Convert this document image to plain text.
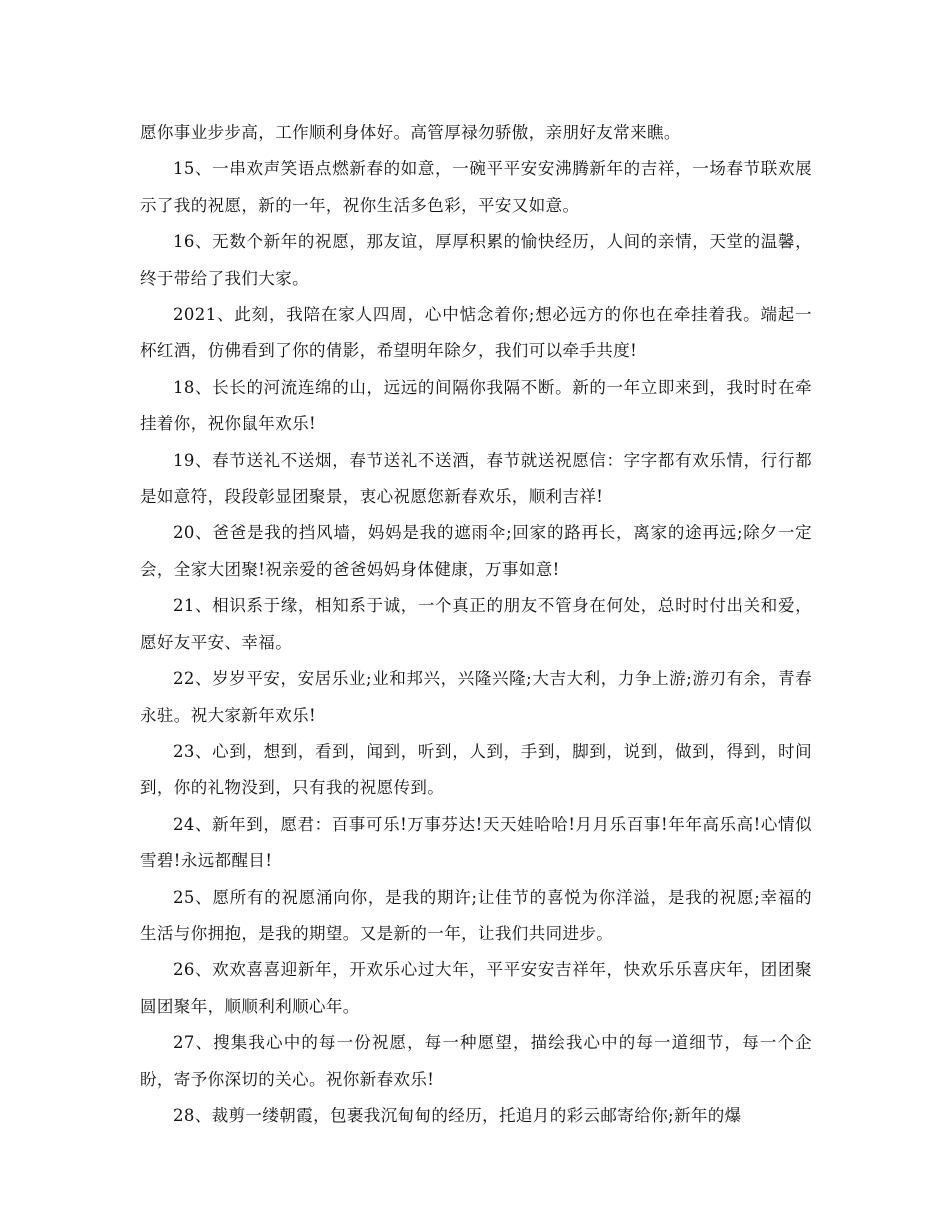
愿你事业步步高，工作顺利身体好。高管厚禄勿骄傲，亲朋好友常来瞧。

15、一串欢声笑语点燃新春的如意，一碗平平安安沸腾新年的吉祥，一场春节联欢展示了我的祝愿，新的一年，祝你生活多色彩，平安又如意。

16、无数个新年的祝愿，那友谊，厚厚积累的愉快经历，人间的亲情，天堂的温馨，终于带给了我们大家。

2021、此刻，我陪在家人四周，心中惦念着你;想必远方的你也在牵挂着我。端起一杯红酒，仿佛看到了你的倩影，希望明年除夕，我们可以牵手共度!

18、长长的河流连绵的山，远远的间隔你我隔不断。新的一年立即来到，我时时在牵挂着你，祝你鼠年欢乐!

19、春节送礼不送烟，春节送礼不送酒，春节就送祝愿信：字字都有欢乐情，行行都是如意符，段段彰显团聚景，衷心祝愿您新春欢乐，顺利吉祥!

20、爸爸是我的挡风墙，妈妈是我的遮雨伞;回家的路再长，离家的途再远;除夕一定会，全家大团聚!祝亲爱的爸爸妈妈身体健康，万事如意!

21、相识系于缘，相知系于诚，一个真正的朋友不管身在何处，总时时付出关和爱，愿好友平安、幸福。

22、岁岁平安，安居乐业;业和邦兴，兴隆兴隆;大吉大利，力争上游;游刃有余，青春永驻。祝大家新年欢乐!

23、心到，想到，看到，闻到，听到，人到，手到，脚到，说到，做到，得到，时间到，你的礼物没到，只有我的祝愿传到。

24、新年到，愿君：百事可乐!万事芬达!天天娃哈哈!月月乐百事!年年高乐高!心情似雪碧!永远都醒目!

25、愿所有的祝愿涌向你，是我的期许;让佳节的喜悦为你洋溢，是我的祝愿;幸福的生活与你拥抱，是我的期望。又是新的一年，让我们共同进步。

26、欢欢喜喜迎新年，开欢乐心过大年，平平安安吉祥年，快欢乐乐喜庆年，团团聚圆团聚年，顺顺利利顺心年。

27、搜集我心中的每一份祝愿，每一种愿望，描绘我心中的每一道细节，每一个企盼，寄予你深切的关心。祝你新春欢乐!

28、裁剪一缕朝霞，包裹我沉甸甸的经历，托追月的彩云邮寄给你;新年的爆
